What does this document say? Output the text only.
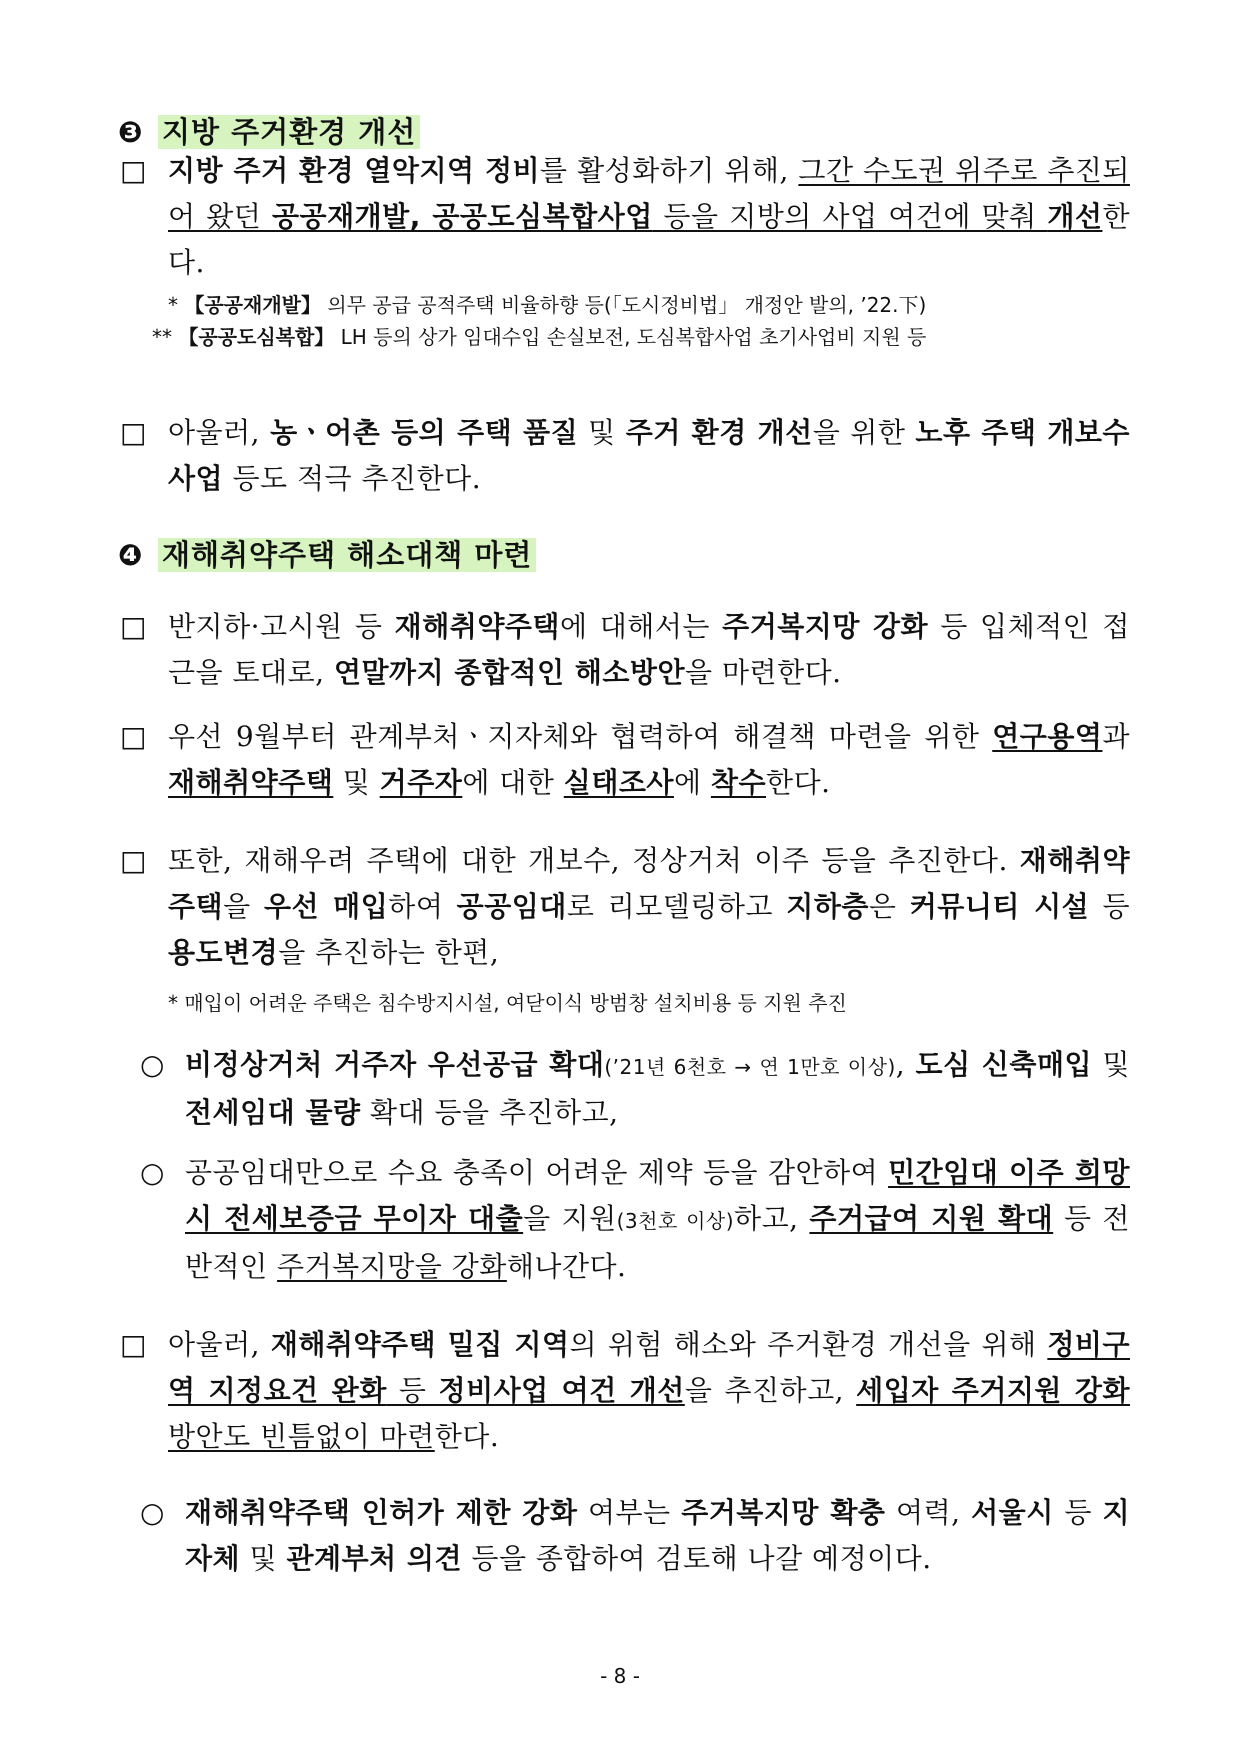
❸ 지방 주거환경 개선
□ 지방 주거 환경 열악지역 정비를 활성화하기 위해, 그간 수도권 위주로 추진되어 왔던 공공재개발, 공공도심복합사업 등을 지방의 사업 여건에 맞춰 개선한다.
* 【공공재개발】 의무 공급 공적주택 비율하향 등(「도시정비법」 개정안 발의, ’22.下)
** 【공공도심복합】 LH 등의 상가 임대수입 손실보전, 도심복합사업 초기사업비 지원 등
□ 아울러, 농ㆍ어촌 등의 주택 품질 및 주거 환경 개선을 위한 노후 주택 개보수 사업 등도 적극 추진한다.
❹ 재해취약주택 해소대책 마련
□ 반지하·고시원 등 재해취약주택에 대해서는 주거복지망 강화 등 입체적인 접근을 토대로, 연말까지 종합적인 해소방안을 마련한다.
□ 우선 9월부터 관계부처ㆍ지자체와 협력하여 해결책 마련을 위한 연구용역과 재해취약주택 및 거주자에 대한 실태조사에 착수한다.
□ 또한, 재해우려 주택에 대한 개보수, 정상거처 이주 등을 추진한다. 재해취약주택을 우선 매입하여 공공임대로 리모델링하고 지하층은 커뮤니티 시설 등 용도변경을 추진하는 한편,
* 매입이 어려운 주택은 침수방지시설, 여닫이식 방범창 설치비용 등 지원 추진
○ 비정상거처 거주자 우선공급 확대(’21년 6천호 → 연 1만호 이상), 도심 신축매입 및 전세임대 물량 확대 등을 추진하고,
○ 공공임대만으로 수요 충족이 어려운 제약 등을 감안하여 민간임대 이주 희망시 전세보증금 무이자 대출을 지원(3천호 이상)하고, 주거급여 지원 확대 등 전반적인 주거복지망을 강화해나간다.
□ 아울러, 재해취약주택 밀집 지역의 위험 해소와 주거환경 개선을 위해 정비구역 지정요건 완화 등 정비사업 여건 개선을 추진하고, 세입자 주거지원 강화 방안도 빈틈없이 마련한다.
○ 재해취약주택 인허가 제한 강화 여부는 주거복지망 확충 여력, 서울시 등 지자체 및 관계부처 의견 등을 종합하여 검토해 나갈 예정이다.
- 8 -
